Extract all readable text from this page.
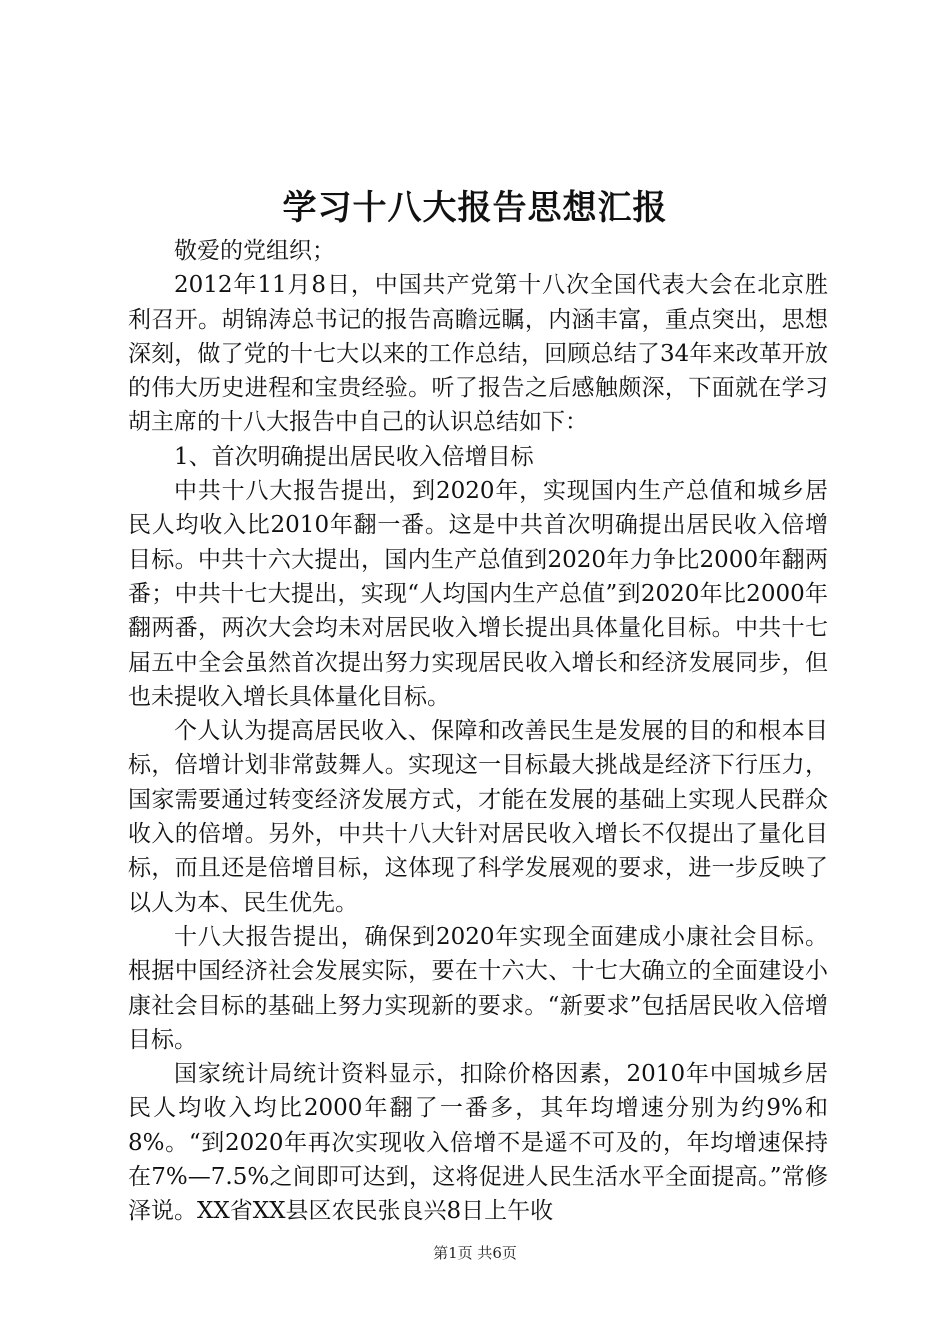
学习十八大报告思想汇报

敬爱的党组织；

2012年11月8日，中国共产党第十八次全国代表大会在北京胜利召开。胡锦涛总书记的报告高瞻远瞩，内涵丰富，重点突出，思想深刻，做了党的十七大以来的工作总结，回顾总结了34年来改革开放的伟大历史进程和宝贵经验。听了报告之后感触颇深，下面就在学习胡主席的十八大报告中自己的认识总结如下：

1、首次明确提出居民收入倍增目标

中共十八大报告提出，到2020年，实现国内生产总值和城乡居民人均收入比2010年翻一番。这是中共首次明确提出居民收入倍增目标。中共十六大提出，国内生产总值到2020年力争比2000年翻两番；中共十七大提出，实现“人均国内生产总值”到2020年比2000年翻两番，两次大会均未对居民收入增长提出具体量化目标。中共十七届五中全会虽然首次提出努力实现居民收入增长和经济发展同步，但也未提收入增长具体量化目标。

个人认为提高居民收入、保障和改善民生是发展的目的和根本目标，倍增计划非常鼓舞人。实现这一目标最大挑战是经济下行压力，国家需要通过转变经济发展方式，才能在发展的基础上实现人民群众收入的倍增。另外，中共十八大针对居民收入增长不仅提出了量化目标，而且还是倍增目标，这体现了科学发展观的要求，进一步反映了以人为本、民生优先。

十八大报告提出，确保到2020年实现全面建成小康社会目标。根据中国经济社会发展实际，要在十六大、十七大确立的全面建设小康社会目标的基础上努力实现新的要求。“新要求”包括居民收入倍增目标。

国家统计局统计资料显示，扣除价格因素，2010年中国城乡居民人均收入均比2000年翻了一番多，其年均增速分别为约9%和8%。“到2020年再次实现收入倍增不是遥不可及的，年均增速保持在7%—7.5%之间即可达到，这将促进人民生活水平全面提高。”常修泽说。XX省XX县区农民张良兴8日上午收

第1页 共6页
